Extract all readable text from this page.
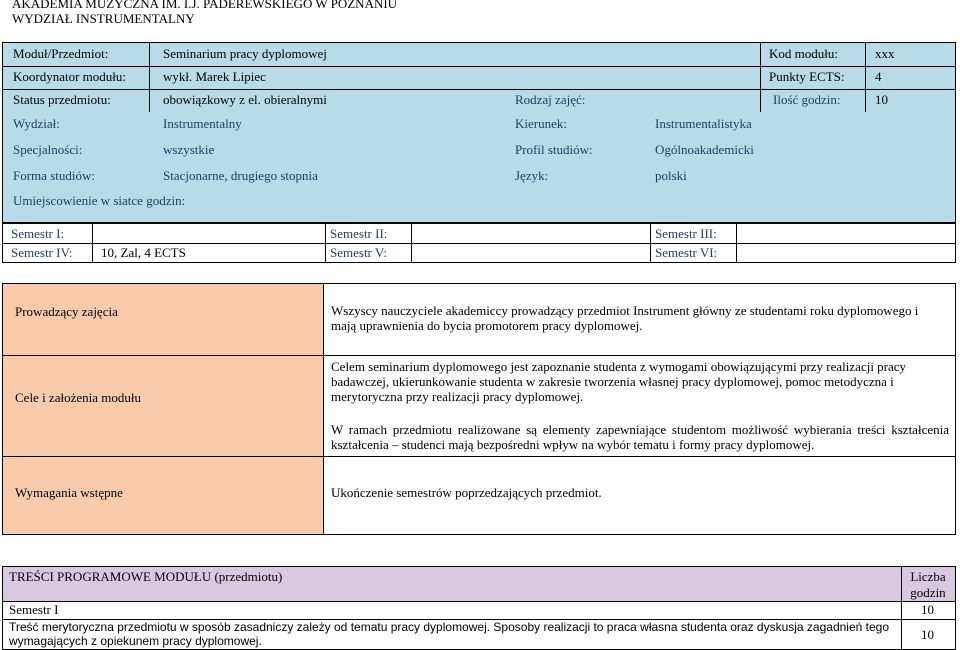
AKADEMIA MUZYCZNA IM. I.J. PADEREWSKIEGO W POZNANIU
WYDZIAŁ INSTRUMENTALNY
Moduł/Przedmiot:	Seminarium pracy dyplomowej	Kod modułu:	xxx
Koordynator modułu:	wykł. Marek Lipiec	Punkty ECTS: 4
Status przedmiotu:	obowiązkowy z el. obieralnymi	Rodzaj zajęć:	Ilość godzin:	10
Wydział:	Instrumentalny	Kierunek:	Instrumentalistyka
Specjalności:	wszystkie	Profil studiów:	Ogólnoakademicki
Forma studiów:	Stacjonarne, drugiego stopnia	Język:	polski
Umiejscowienie w siatce godzin:
Semestr I:	Semestr II:	Semestr III:
Semestr IV: 10, Zal, 4 ECTS	Semestr V:	Semestr VI:
Prowadzący zajęcia	Wszyscy nauczyciele akademiccy prowadzący przedmiot Instrument główny ze studentami roku dyplomowego i mają uprawnienia do bycia promotorem pracy dyplomowej.
Cele i założenia modułu
Celem seminarium dyplomowego jest zapoznanie studenta z wymogami obowiązującymi przy realizacji pracy badawczej, ukierunkowanie studenta w zakresie tworzenia własnej pracy dyplomowej, pomoc metodyczna i merytoryczna przy realizacji pracy dyplomowej.
W ramach przedmiotu realizowane są elementy zapewniające studentom możliwość wybierania treści kształcenia kształcenia – studenci mają bezpośredni wpływ na wybór tematu i formy pracy dyplomowej.
Wymagania wstępne	Ukończenie semestrów poprzedzających przedmiot.
TREŚCI PROGRAMOWE MODUŁU (przedmiotu)	Liczba godzin
Semestr I	10
Treść merytoryczna przedmiotu w sposób zasadniczy zależy od tematu pracy dyplomowej. Sposoby realizacji to praca własna studenta oraz dyskusja zagadnień tego wymagających z opiekunem pracy dyplomowej.	10
